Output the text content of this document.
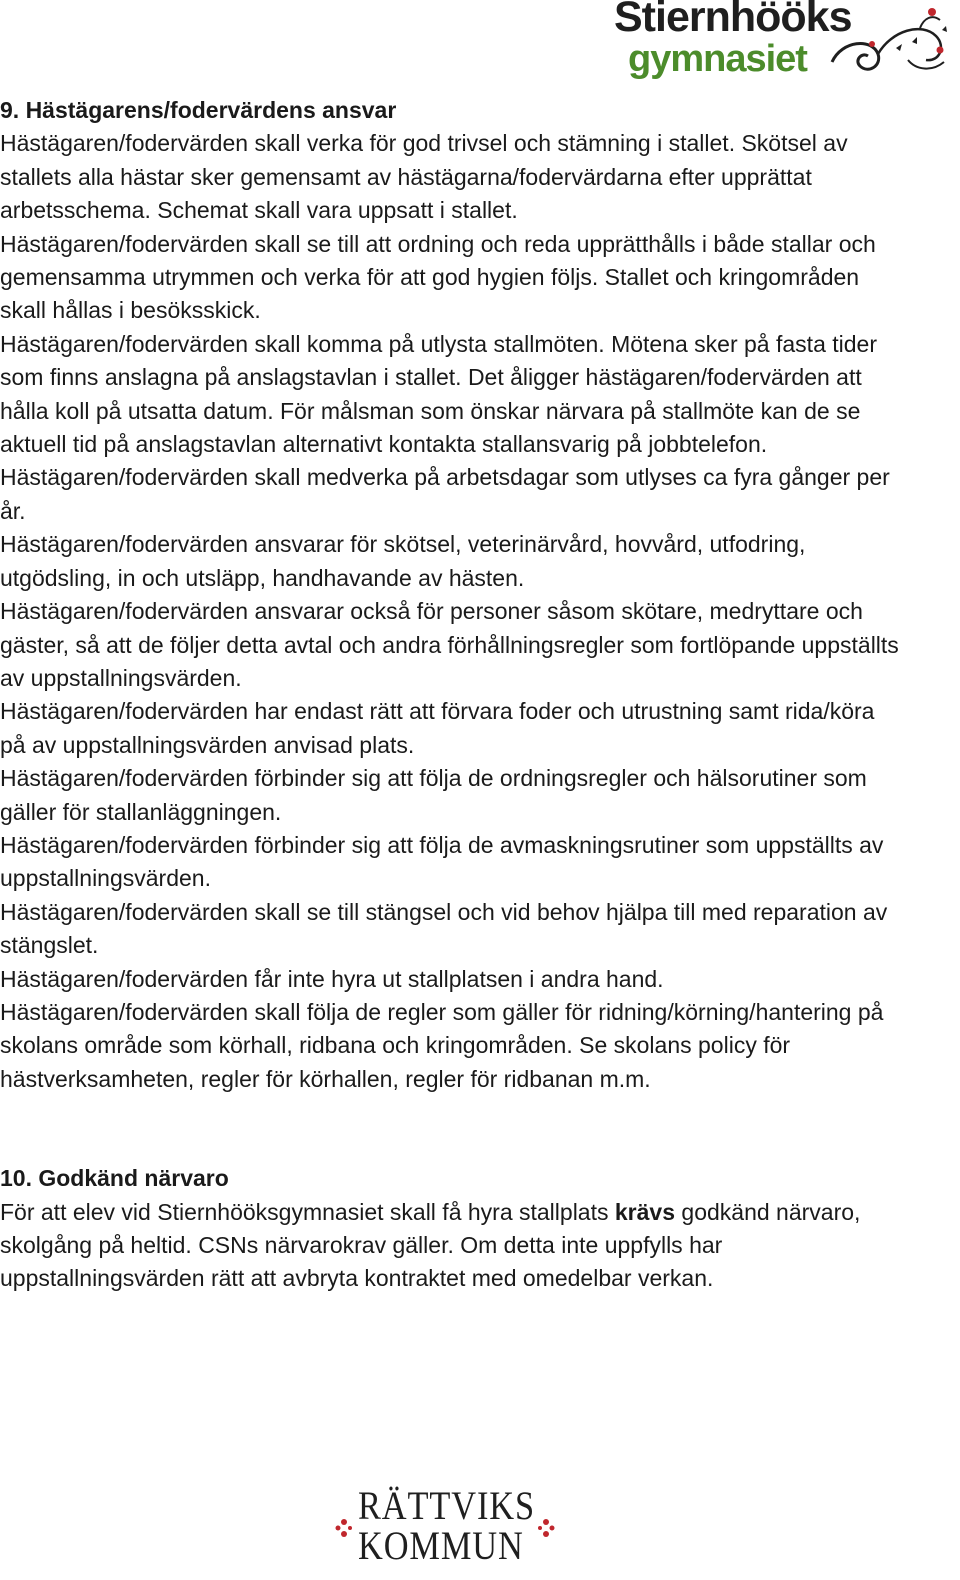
Stiernhööks
gymnasiet

9. Hästägarens/fodervärdens ansvar

Hästägaren/fodervärden skall verka för god trivsel och stämning i stallet. Skötsel av stallets alla hästar sker gemensamt av hästägarna/fodervärdarna efter upprättat arbetsschema. Schemat skall vara uppsatt i stallet.

Hästägaren/fodervärden skall se till att ordning och reda upprätthålls i både stallar och gemensamma utrymmen och verka för att god hygien följs. Stallet och kringområden skall hållas i besöksskick.

Hästägaren/fodervärden skall komma på utlysta stallmöten. Mötena sker på fasta tider som finns anslagna på anslagstavlan i stallet. Det åligger hästägaren/fodervärden att hålla koll på utsatta datum. För målsman som önskar närvara på stallmöte kan de se aktuell tid på anslagstavlan alternativt kontakta stallansvarig på jobbtelefon.

Hästägaren/fodervärden skall medverka på arbetsdagar som utlyses ca fyra gånger per år.

Hästägaren/fodervärden ansvarar för skötsel, veterinärvård, hovvård, utfodring, utgödsling, in och utsläpp, handhavande av hästen.

Hästägaren/fodervärden ansvarar också för personer såsom skötare, medryttare och gäster, så att de följer detta avtal och andra förhållningsregler som fortlöpande uppställts av uppstallningsvärden.

Hästägaren/fodervärden har endast rätt att förvara foder och utrustning samt rida/köra på av uppstallningsvärden anvisad plats.

Hästägaren/fodervärden förbinder sig att följa de ordningsregler och hälsorutiner som gäller för stallanläggningen.

Hästägaren/fodervärden förbinder sig att följa de avmaskningsrutiner som uppställts av uppstallningsvärden.

Hästägaren/fodervärden skall se till stängsel och vid behov hjälpa till med reparation av stängslet.

Hästägaren/fodervärden får inte hyra ut stallplatsen i andra hand.

Hästägaren/fodervärden skall följa de regler som gäller för ridning/körning/hantering på skolans område som körhall, ridbana och kringområden. Se skolans policy för hästverksamheten, regler för körhallen, regler för ridbanan m.m.

10. Godkänd närvaro

För att elev vid Stiernhööksgymnasiet skall få hyra stallplats krävs godkänd närvaro, skolgång på heltid. CSNs närvarokrav gäller. Om detta inte uppfylls har uppstallningsvärden rätt att avbryta kontraktet med omedelbar verkan.

RÄTTVIKS
KOMMUN
